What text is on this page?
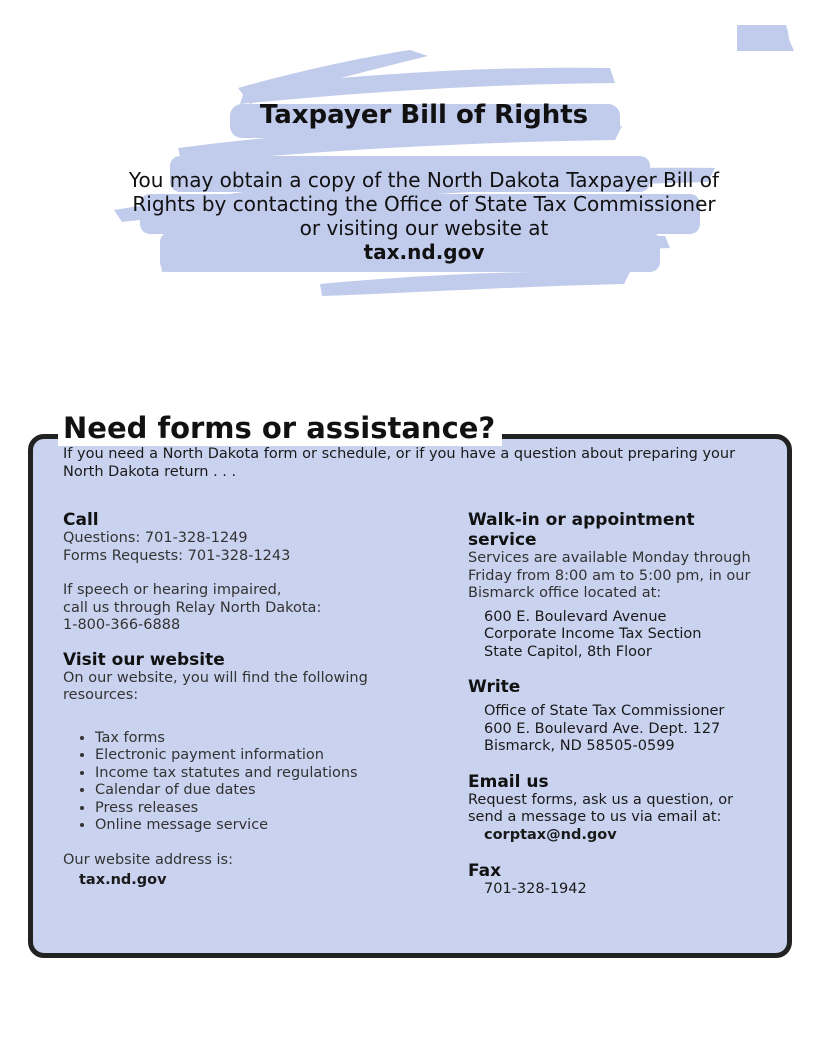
Taxpayer Bill of Rights
You may obtain a copy of the North Dakota Taxpayer Bill of Rights by contacting the Office of State Tax Commissioner or visiting our website at
tax.nd.gov
Need forms or assistance?
If you need a North Dakota form or schedule, or if you have a question about preparing your North Dakota return . . .
Call

Questions: 701-328-1249

Forms Requests: 701-328-1243

If speech or hearing impaired,

call us through Relay North Dakota:

1-800-366-6888

Visit our website

On our website, you will find the following resources:

• Tax forms
• Electronic payment information
• Income tax statutes and regulations
• Calendar of due dates
• Press releases
• Online message service

Our website address is:

tax.nd.gov

Walk-in or appointment service

Services are available Monday through Friday from 8:00 am to 5:00 pm, in our Bismarck office located at:

600 E. Boulevard Avenue

Corporate Income Tax Section

State Capitol, 8th Floor

Write

Office of State Tax Commissioner

600 E. Boulevard Ave. Dept. 127

Bismarck, ND 58505-0599

Email us

Request forms, ask us a question, or send a message to us via email at:

corptax@nd.gov

Fax

701-328-1942
